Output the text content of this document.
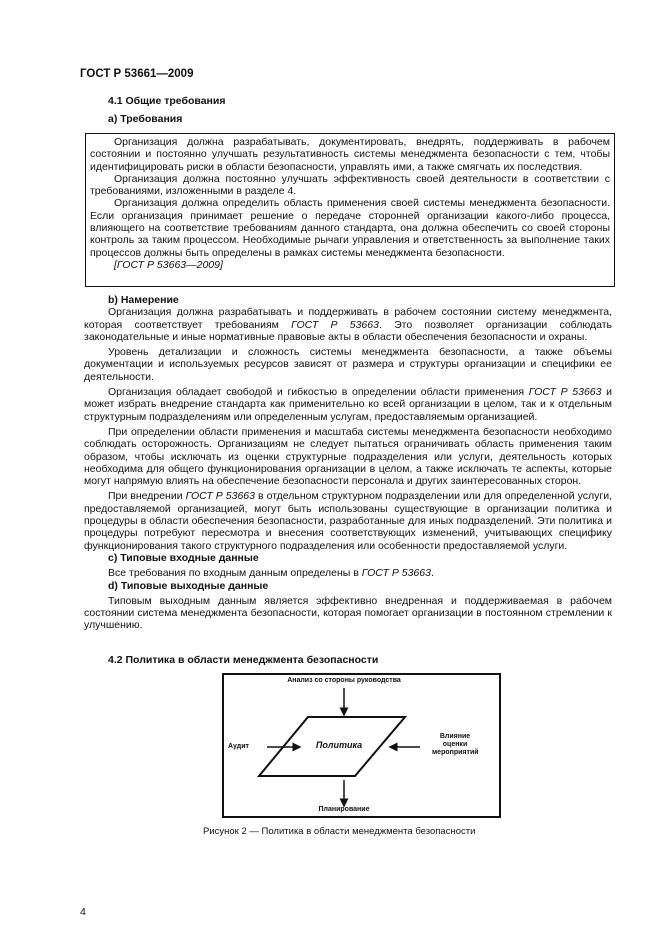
ГОСТ Р 53661—2009
4.1 Общие требования
а) Требования

Организация должна разрабатывать, документировать, внедрять, поддерживать в рабочем состоянии и постоянно улучшать результативность системы менеджмента безопасности с тем, чтобы идентифицировать риски в области безопасности, управлять ими, а также смягчать их последствия.

Организация должна постоянно улучшать эффективность своей деятельности в соответствии с требованиями, изложенными в разделе 4.

Организация должна определить область применения своей системы менеджмента безопасности. Если организация принимает решение о передаче сторонней организации какого-либо процесса, влияющего на соответствие требованиям данного стандарта, она должна обеспечить со своей стороны контроль за таким процессом. Необходимые рычаги управления и ответственность за выполнение таких процессов должны быть определены в рамках системы менеджмента безопасности.

[ГОСТ Р 53663—2009]

b) Намерение

Организация должна разрабатывать и поддерживать в рабочем состоянии систему менеджмента, которая соответствует требованиям ГОСТ Р 53663. Это позволяет организации соблюдать законодательные и иные нормативные правовые акты в области обеспечения безопасности и охраны.

Уровень детализации и сложность системы менеджмента безопасности, а также объемы документации и используемых ресурсов зависят от размера и структуры организации и специфики ее деятельности.

Организация обладает свободой и гибкостью в определении области применения ГОСТ Р 53663 и может избрать внедрение стандарта как применительно ко всей организации в целом, так и к отдельным структурным подразделениям или определенным услугам, предоставляемым организацией.

При определении области применения и масштаба системы менеджмента безопасности необходимо соблюдать осторожность. Организациям не следует пытаться ограничивать область применения таким образом, чтобы исключать из оценки структурные подразделения или услуги, деятельность которых необходима для общего функционирования организации в целом, а также исключать те аспекты, которые могут напрямую влиять на обеспечение безопасности персонала и других заинтересованных сторон.

При внедрении ГОСТ Р 53663 в отдельном структурном подразделении или для определенной услуги, предоставляемой организацией, могут быть использованы существующие в организации политика и процедуры в области обеспечения безопасности, разработанные для иных подразделений. Эти политика и процедуры потребуют пересмотра и внесения соответствующих изменений, учитывающих специфику функционирования такого структурного подразделения или особенности предоставляемой услуги.

с) Типовые входные данные

Все требования по входным данным определены в ГОСТ Р 53663.

d) Типовые выходные данные

Типовым выходным данным является эффективно внедренная и поддерживаемая в рабочем состоянии система менеджмента безопасности, которая помогает организации в постоянном стремлении к улучшению.

4.2 Политика в области менеджмента безопасности
Анализ со стороны руководства
Аудит	Политика
Влияние оценки мероприятий
Планирование
Рисунок 2 — Политика в области менеджмента безопасности
4
